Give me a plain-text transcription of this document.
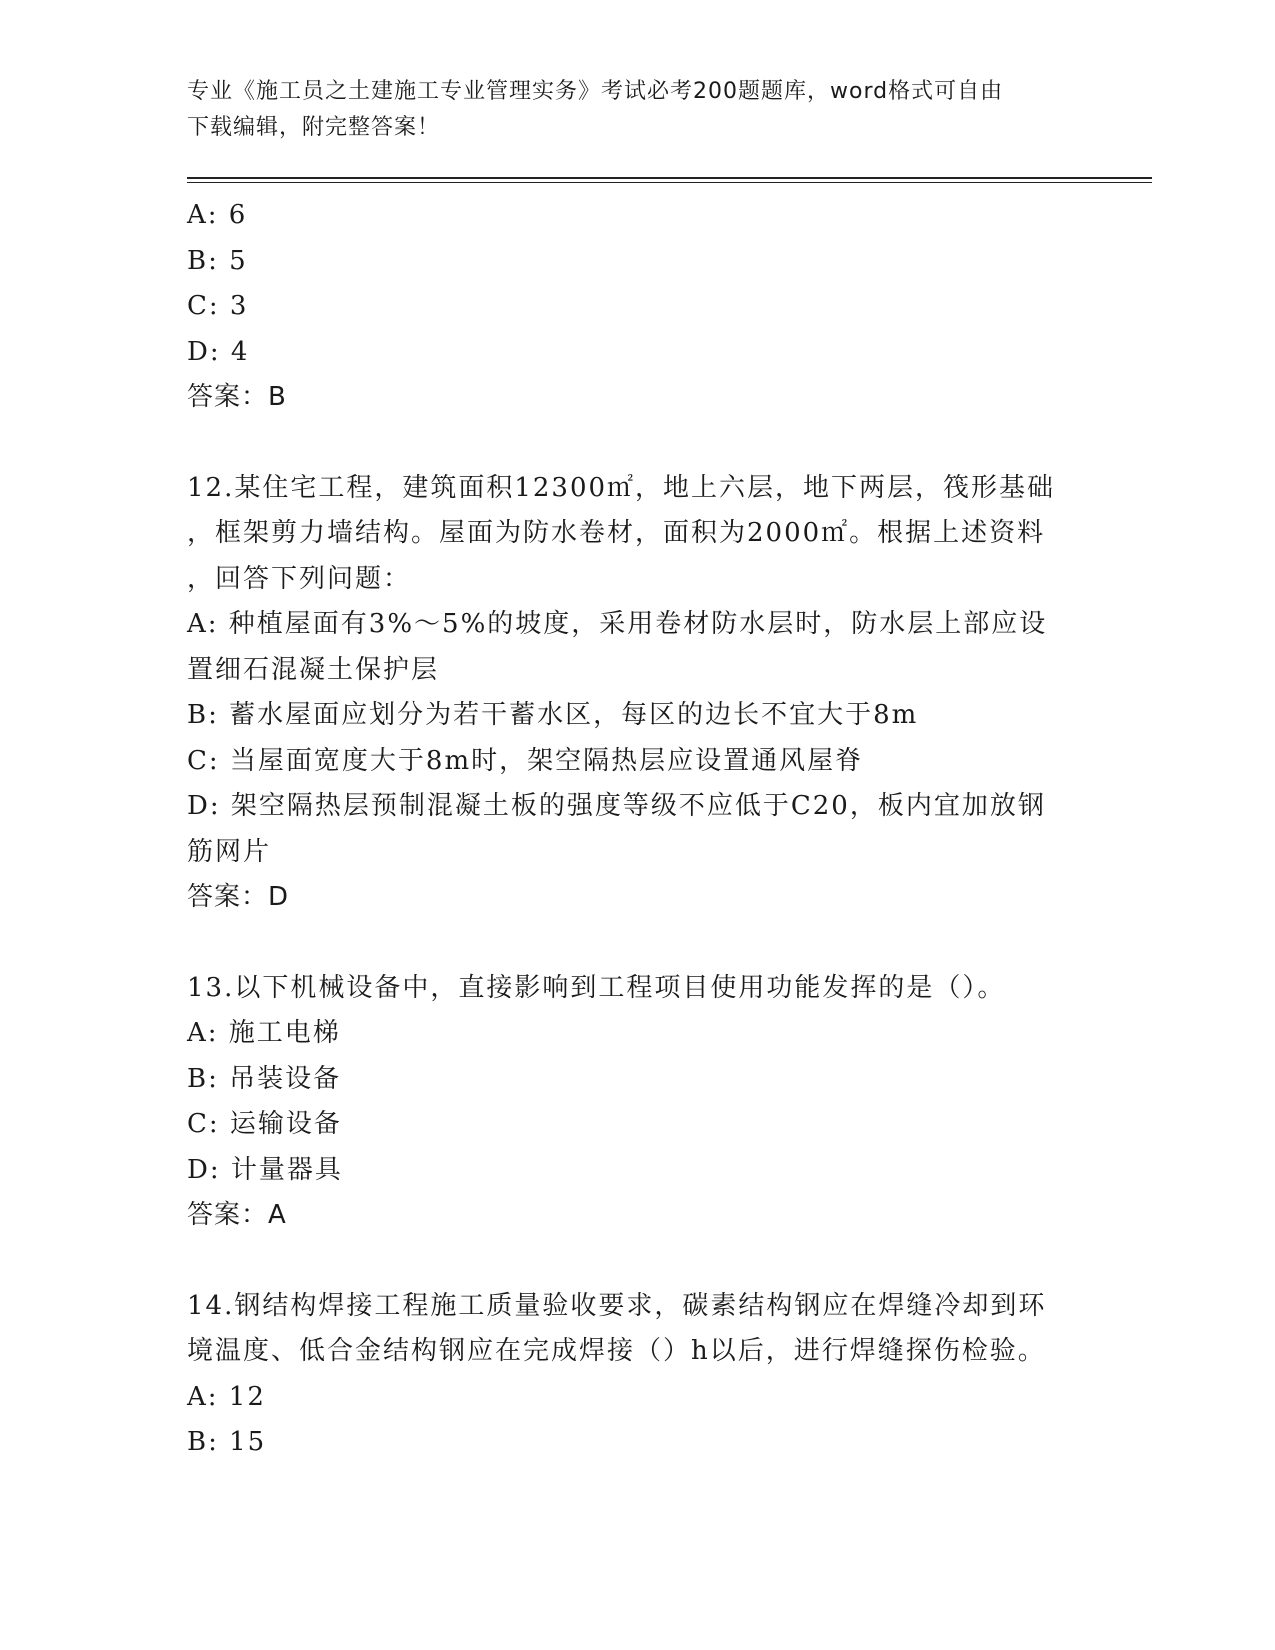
专业《施工员之土建施工专业管理实务》考试必考200题题库，word格式可自由
下载编辑，附完整答案！
A: 6
B: 5
C: 3
D: 4
答案：B
12.某住宅工程，建筑面积12300㎡，地上六层，地下两层，筏形基础
，框架剪力墙结构。屋面为防水卷材，面积为2000㎡。根据上述资料
，回答下列问题：
A: 种植屋面有3%～5%的坡度，采用卷材防水层时，防水层上部应设
置细石混凝土保护层
B: 蓄水屋面应划分为若干蓄水区，每区的边长不宜大于8m
C: 当屋面宽度大于8m时，架空隔热层应设置通风屋脊
D: 架空隔热层预制混凝土板的强度等级不应低于C20，板内宜加放钢
筋网片
答案：D
13.以下机械设备中，直接影响到工程项目使用功能发挥的是（）。
A: 施工电梯
B: 吊装设备
C: 运输设备
D: 计量器具
答案：A
14.钢结构焊接工程施工质量验收要求，碳素结构钢应在焊缝冷却到环
境温度、低合金结构钢应在完成焊接（）h以后，进行焊缝探伤检验。
A: 12
B: 15
